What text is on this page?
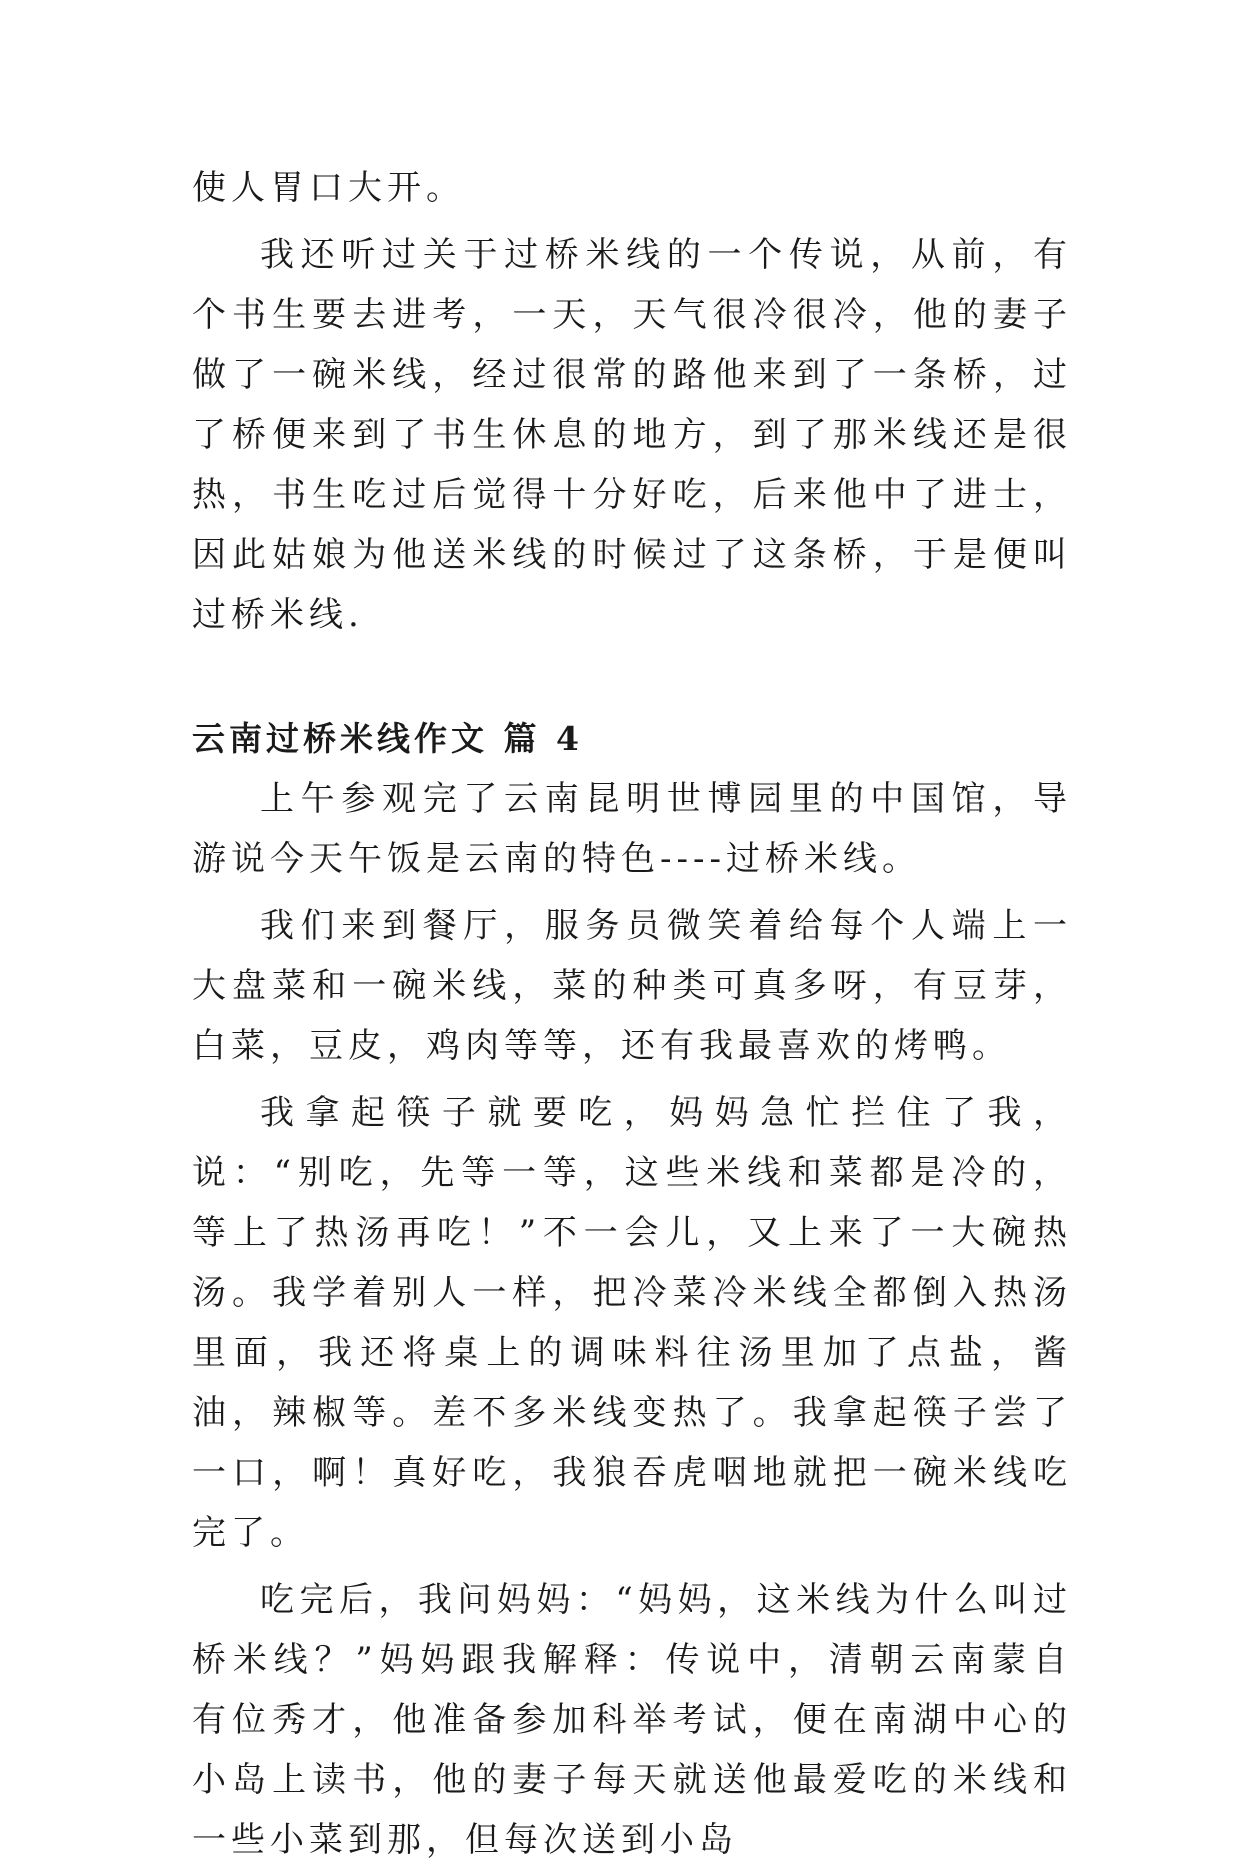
使人胃口大开。

我还听过关于过桥米线的一个传说，从前，有个书生要去进考，一天，天气很冷很冷，他的妻子做了一碗米线，经过很常的路他来到了一条桥，过了桥便来到了书生休息的地方，到了那米线还是很热，书生吃过后觉得十分好吃，后来他中了进士，因此姑娘为他送米线的时候过了这条桥，于是便叫过桥米线.

云南过桥米线作文 篇 4

上午参观完了云南昆明世博园里的中国馆，导游说今天午饭是云南的特色----过桥米线。

我们来到餐厅，服务员微笑着给每个人端上一大盘菜和一碗米线，菜的种类可真多呀，有豆芽，白菜，豆皮，鸡肉等等，还有我最喜欢的烤鸭。

我拿起筷子就要吃，妈妈急忙拦住了我，说：“别吃，先等一等，这些米线和菜都是冷的，等上了热汤再吃！”不一会儿，又上来了一大碗热汤。我学着别人一样，把冷菜冷米线全都倒入热汤里面，我还将桌上的调味料往汤里加了点盐，酱油，辣椒等。差不多米线变热了。我拿起筷子尝了一口，啊！真好吃，我狼吞虎咽地就把一碗米线吃完了。

吃完后，我问妈妈：“妈妈，这米线为什么叫过桥米线？”妈妈跟我解释：传说中，清朝云南蒙自有位秀才，他准备参加科举考试，便在南湖中心的小岛上读书，他的妻子每天就送他最爱吃的米线和一些小菜到那，但每次送到小岛
